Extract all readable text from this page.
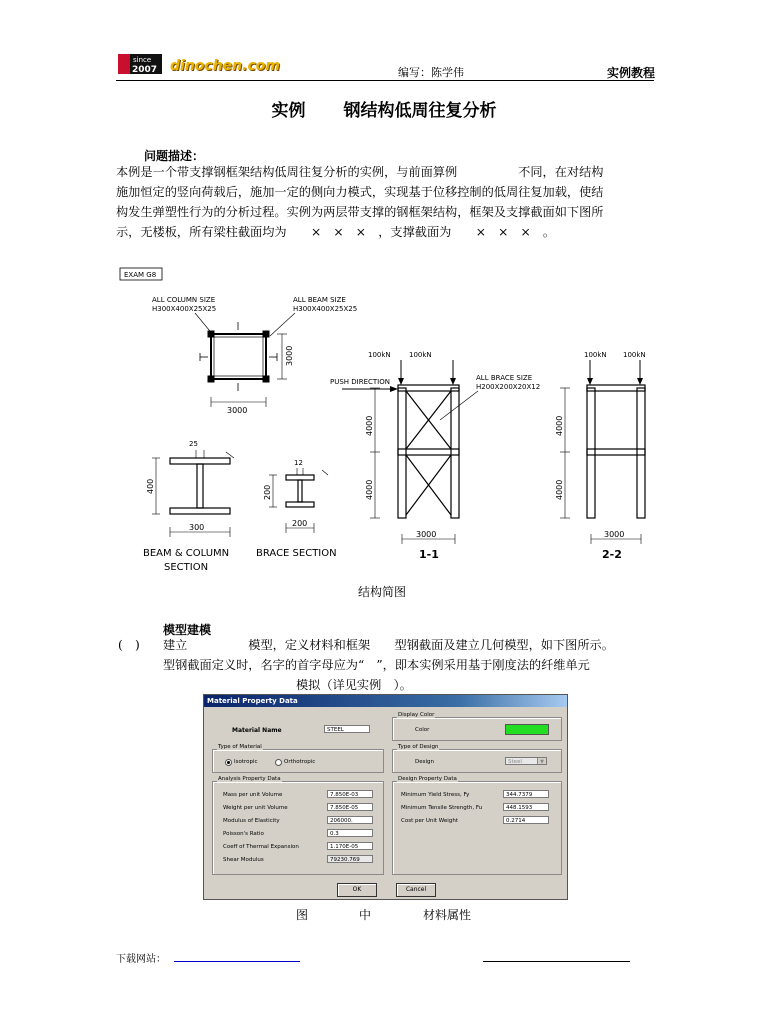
since
2007 dinochen.com	编写：陈学伟	实例教程
实例 钢结构低周往复分析
问题描述：
本例是一个带支撑钢框架结构低周往复分析的实例，与前面算例　　　　　不同，在对结构
施加恒定的竖向荷载后，施加一定的侧向力模式，实现基于位移控制的低周往复加载，使结
构发生弹塑性行为的分析过程。实例为两层带支撑的钢框架结构，框架及支撑截面如下图所
示，无楼板，所有梁柱截面均为　　×　×　×　，支撑截面为　　×　×　×　。
EXAM G8
ALL COLUMN SIZE
H300X400X25X25
ALL BEAM SIZE
H300X400X25X25
3000
3000	100kN	100kN
PUSH DIRECTION	ALL BRACE SIZE
H200X200X20X12
4000
4000
3000
1-1
100kN 100kN
4000
4000
3000
2-2
25
400
300
BEAM & COLUMN
SECTION
12
200
200
BRACE SECTION
结构简图
模型建模
(　) 建立　　　　　模型，定义材料和框架　　型钢截面及建立几何模型，如下图所示。
型钢截面定义时，名字的首字母应为“　”，即本实例采用基于刚度法的纤维单元
模拟（详见实例　）。
Material Property Data
Material Name	STEEL
Display Color
Color
Type of Material
Isotropic	Orthotropic
Type of Design
Design	Steel	▼
Analysis Property Data
Mass per unit Volume	7.850E-03
Weight per unit Volume	7.850E-05
Modulus of Elasticity	206000.
Poisson's Ratio	0.3
Coeff of Thermal Expansion	1.170E-05
Shear Modulus	79230.769
Design Property Data
Minimum Yield Stress, Fy	344.7379
Minimum Tensile Strength, Fu	448.1593
Cost per Unit Weight	0.2714
OK	Cancel
图	中	材料属性
下载网站：
